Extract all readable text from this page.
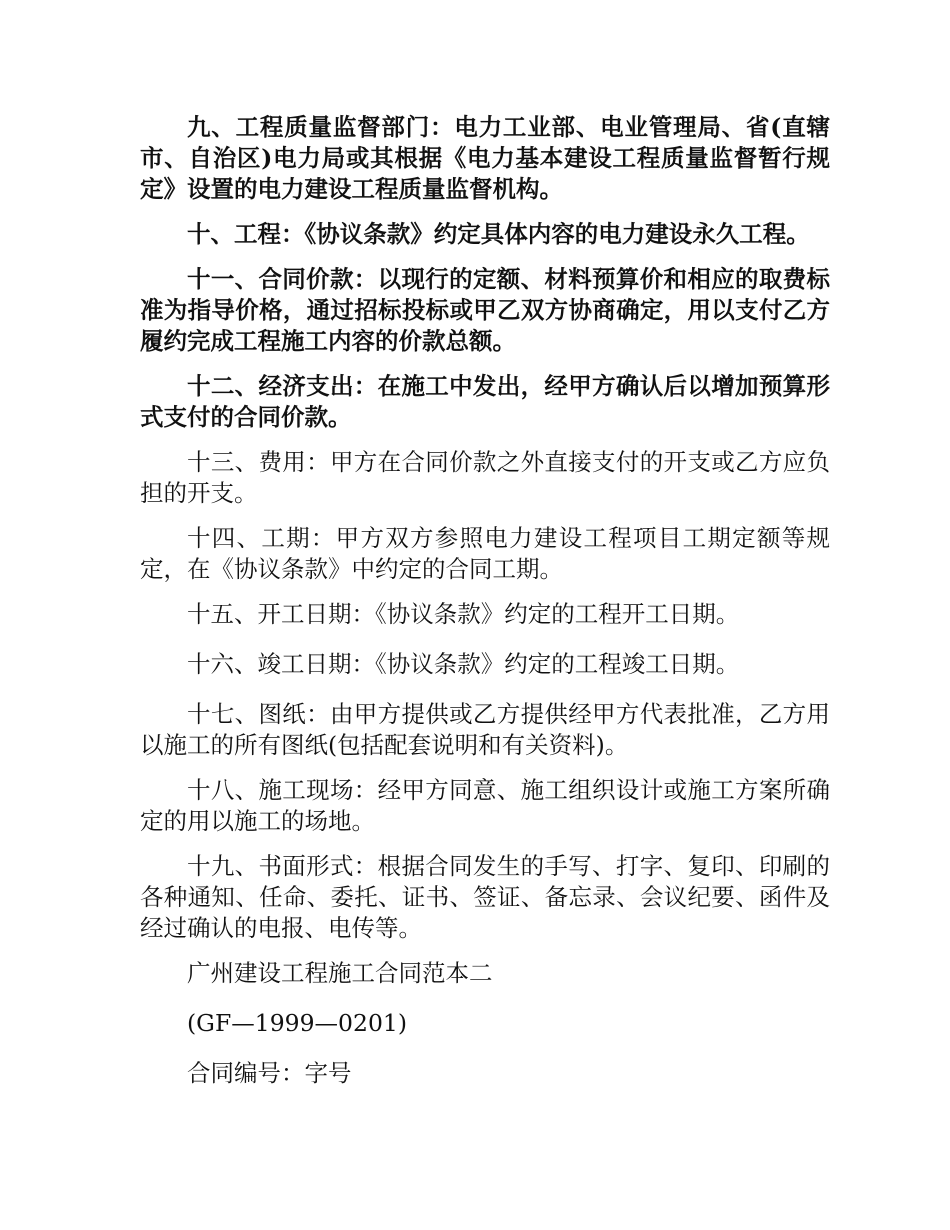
九、工程质量监督部门：电力工业部、电业管理局、省(直辖市、自治区)电力局或其根据《电力基本建设工程质量监督暂行规定》设置的电力建设工程质量监督机构。

十、工程：《协议条款》约定具体内容的电力建设永久工程。

十一、合同价款：以现行的定额、材料预算价和相应的取费标准为指导价格，通过招标投标或甲乙双方协商确定，用以支付乙方履约完成工程施工内容的价款总额。

十二、经济支出：在施工中发出，经甲方确认后以增加预算形式支付的合同价款。

十三、费用：甲方在合同价款之外直接支付的开支或乙方应负担的开支。

十四、工期：甲方双方参照电力建设工程项目工期定额等规定，在《协议条款》中约定的合同工期。

十五、开工日期：《协议条款》约定的工程开工日期。

十六、竣工日期：《协议条款》约定的工程竣工日期。

十七、图纸：由甲方提供或乙方提供经甲方代表批准，乙方用以施工的所有图纸(包括配套说明和有关资料)。

十八、施工现场：经甲方同意、施工组织设计或施工方案所确定的用以施工的场地。

十九、书面形式：根据合同发生的手写、打字、复印、印刷的各种通知、任命、委托、证书、签证、备忘录、会议纪要、函件及经过确认的电报、电传等。

广州建设工程施工合同范本二

(GF—1999—0201)

合同编号：字号
